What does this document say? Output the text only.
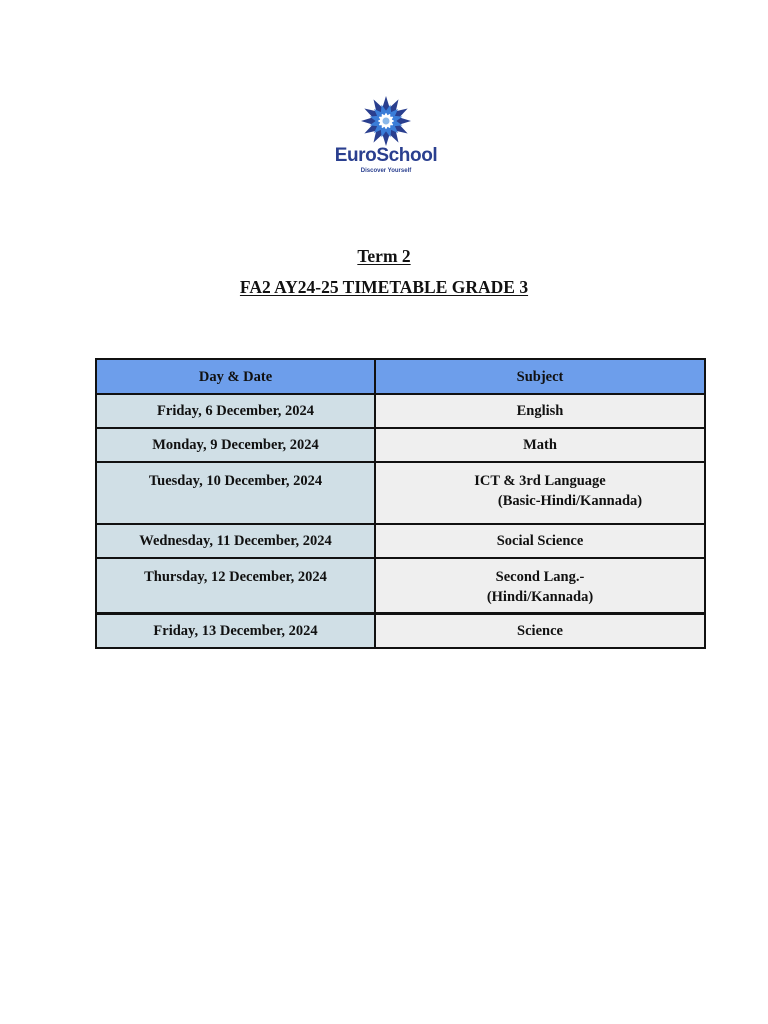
EuroSchool
Discover Yourself
Term 2
FA2 AY24-25 TIMETABLE GRADE 3
Day & Date	Subject
Friday, 6 December, 2024	English
Monday, 9 December, 2024	Math
Tuesday, 10 December, 2024	ICT & 3rd Language
(Basic-Hindi/Kannada)

Wednesday, 11 December, 2024	Social Science
Thursday, 12 December, 2024	Second Lang.-
(Hindi/Kannada)

Friday, 13 December, 2024	Science
